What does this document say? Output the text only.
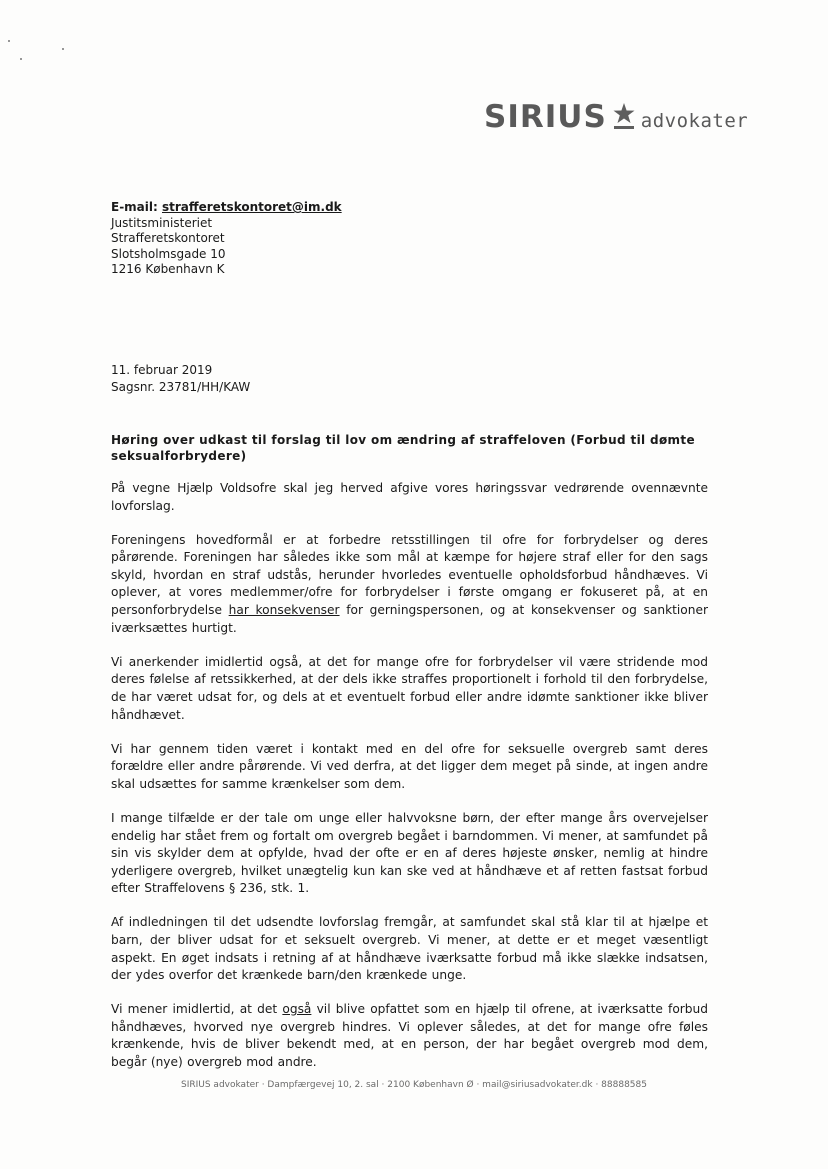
SIRIUS advokater
E-mail: strafferetskontoret@im.dk
Justitsministeriet
Strafferetskontoret
Slotsholmsgade 10
1216 København K
11. februar 2019
Sagsnr. 23781/HH/KAW
Høring over udkast til forslag til lov om ændring af straffeloven (Forbud til dømte seksualforbrydere)

På vegne Hjælp Voldsofre skal jeg herved afgive vores høringssvar vedrørende ovennævnte lovforslag.

Foreningens hovedformål er at forbedre retsstillingen til ofre for forbrydelser og deres pårørende. Foreningen har således ikke som mål at kæmpe for højere straf eller for den sags skyld, hvordan en straf udstås, herunder hvorledes eventuelle opholdsforbud håndhæves. Vi oplever, at vores medlemmer/ofre for forbrydelser i første omgang er fokuseret på, at en personforbrydelse har konsekvenser for gerningspersonen, og at konsekvenser og sanktioner iværksættes hurtigt.

Vi anerkender imidlertid også, at det for mange ofre for forbrydelser vil være stridende mod deres følelse af retssikkerhed, at der dels ikke straffes proportionelt i forhold til den forbrydelse, de har været udsat for, og dels at et eventuelt forbud eller andre idømte sanktioner ikke bliver håndhævet.

Vi har gennem tiden været i kontakt med en del ofre for seksuelle overgreb samt deres forældre eller andre pårørende. Vi ved derfra, at det ligger dem meget på sinde, at ingen andre skal udsættes for samme krænkelser som dem.

I mange tilfælde er der tale om unge eller halvvoksne børn, der efter mange års overvejelser endelig har stået frem og fortalt om overgreb begået i barndommen. Vi mener, at samfundet på sin vis skylder dem at opfylde, hvad der ofte er en af deres højeste ønsker, nemlig at hindre yderligere overgreb, hvilket unægtelig kun kan ske ved at håndhæve et af retten fastsat forbud efter Straffelovens § 236, stk. 1.

Af indledningen til det udsendte lovforslag fremgår, at samfundet skal stå klar til at hjælpe et barn, der bliver udsat for et seksuelt overgreb. Vi mener, at dette er et meget væsentligt aspekt. En øget indsats i retning af at håndhæve iværksatte forbud må ikke slække indsatsen, der ydes overfor det krænkede barn/den krænkede unge.

Vi mener imidlertid, at det også vil blive opfattet som en hjælp til ofrene, at iværksatte forbud håndhæves, hvorved nye overgreb hindres. Vi oplever således, at det for mange ofre føles krænkende, hvis de bliver bekendt med, at en person, der har begået overgreb mod dem, begår (nye) overgreb mod andre.

SIRIUS advokater · Dampfærgevej 10, 2. sal · 2100 København Ø · mail@siriusadvokater.dk · 88888585
